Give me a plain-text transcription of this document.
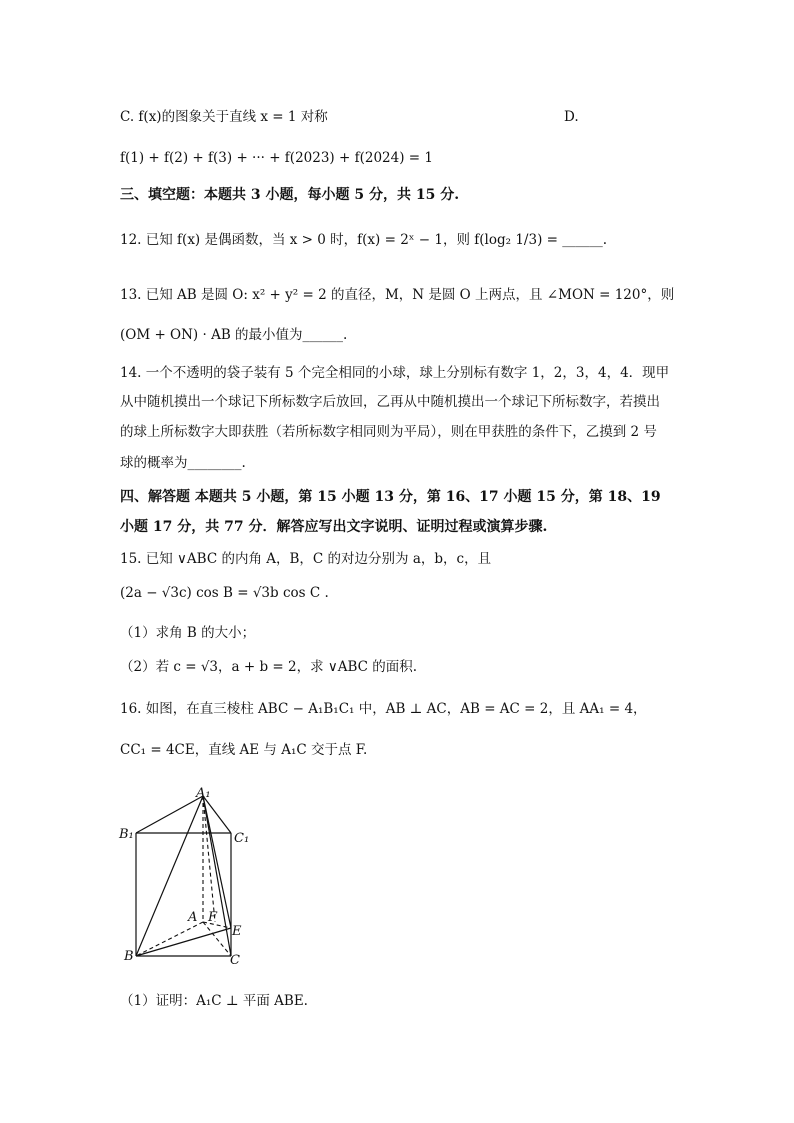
C. f(x)的图象关于直线 x = 1 对称	D.
f(1) + f(2) + f(3) + ··· + f(2023) + f(2024) = 1
三、填空题：本题共 3 小题，每小题 5 分，共 15 分.
12. 已知 f(x) 是偶函数，当 x > 0 时，f(x) = 2ˣ − 1，则 f(log₂ 1/3) = ______.
13. 已知 AB 是圆 O: x² + y² = 2 的直径，M，N 是圆 O 上两点，且 ∠MON = 120°，则
(OM + ON) · AB 的最小值为______.
14. 一个不透明的袋子装有 5 个完全相同的小球，球上分别标有数字 1，2，3，4，4．现甲
从中随机摸出一个球记下所标数字后放回，乙再从中随机摸出一个球记下所标数字，若摸出
的球上所标数字大即获胜（若所标数字相同则为平局），则在甲获胜的条件下，乙摸到 2 号
球的概率为________.
四、解答题 本题共 5 小题，第 15 小题 13 分，第 16、17 小题 15 分，第 18、19
小题 17 分，共 77 分．解答应写出文字说明、证明过程或演算步骤.
15. 已知 ∨ABC 的内角 A，B，C 的对边分别为 a，b，c，且
(2a − √3c) cos B = √3b cos C .
（1）求角 B 的大小；
（2）若 c = √3，a + b = 2，求 ∨ABC 的面积.
16. 如图，在直三棱柱 ABC − A₁B₁C₁ 中，AB ⊥ AC，AB = AC = 2，且 AA₁ = 4，
CC₁ = 4CE，直线 AE 与 A₁C 交于点 F.
A₁
B₁	C₁
A F
E
B	C
（1）证明：A₁C ⊥ 平面 ABE.
